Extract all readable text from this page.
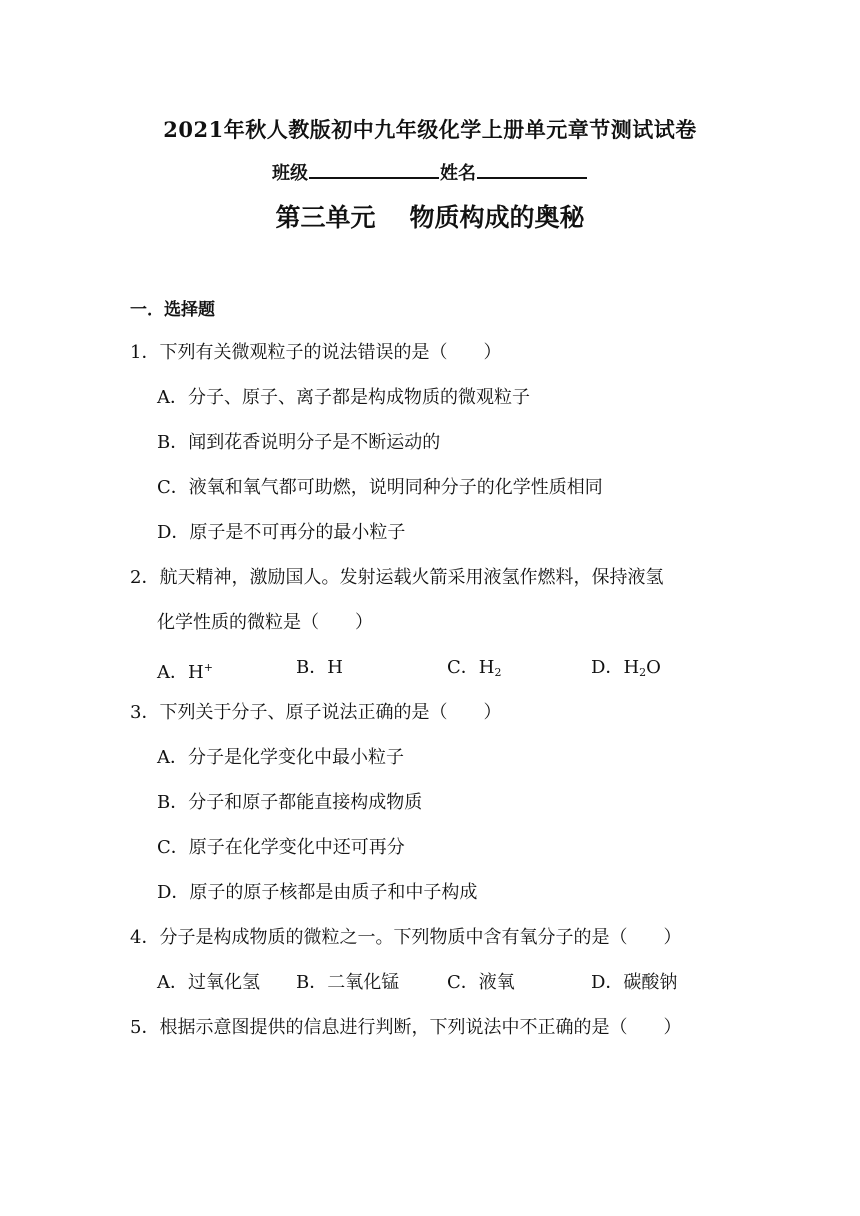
2021年秋人教版初中九年级化学上册单元章节测试试卷
班级	姓名
第三单元 物质构成的奥秘
一．选择题
1．下列有关微观粒子的说法错误的是（　　）
A．分子、原子、离子都是构成物质的微观粒子
B．闻到花香说明分子是不断运动的
C．液氧和氧气都可助燃，说明同种分子的化学性质相同
D．原子是不可再分的最小粒子
2．航天精神，激励国人。发射运载火箭采用液氢作燃料，保持液氢
化学性质的微粒是（　　）
A．H+	B．H	C．$H_2$	D．$H_2O$
3．下列关于分子、原子说法正确的是（　　）
A．分子是化学变化中最小粒子
B．分子和原子都能直接构成物质
C．原子在化学变化中还可再分
D．原子的原子核都是由质子和中子构成
4．分子是构成物质的微粒之一。下列物质中含有氧分子的是（　　）
A．过氧化氢 B．二氧化锰	C．液氧	D．碳酸钠
5．根据示意图提供的信息进行判断，下列说法中不正确的是（　　）
